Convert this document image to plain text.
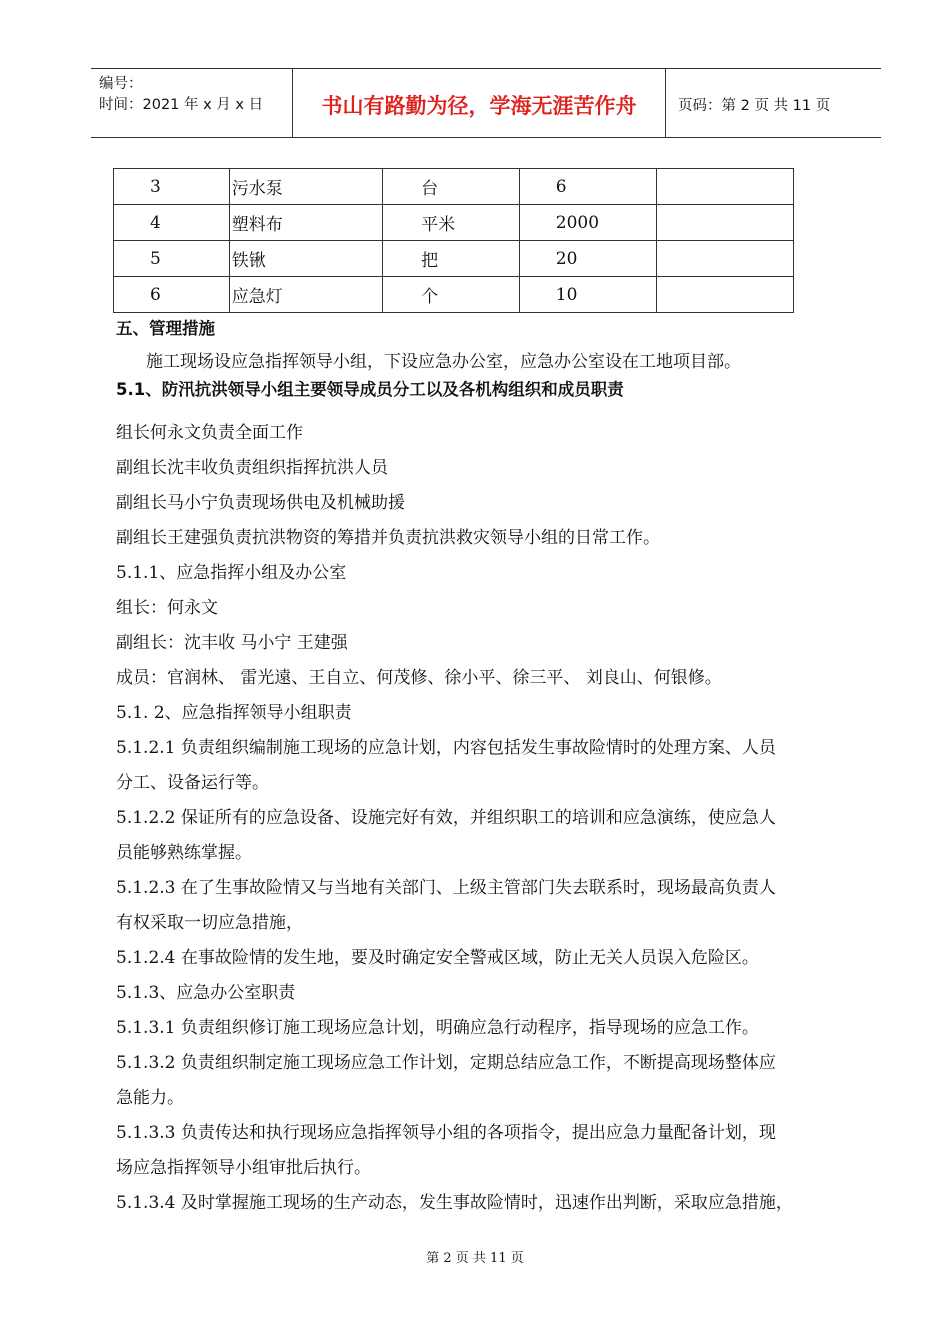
编号：
时间：2021 年 x 月 x 日	书山有路勤为径，学海无涯苦作舟	页码：第 2 页 共 11 页
3	污水泵	台	6	
4	塑料布	平米	2000	
5	铁锹	把	20	
6	应急灯	个	10	
五、管理措施
施工现场设应急指挥领导小组，下设应急办公室，应急办公室设在工地项目部。
5.1、防汛抗洪领导小组主要领导成员分工以及各机构组织和成员职责
组长何永文负责全面工作
副组长沈丰收负责组织指挥抗洪人员
副组长马小宁负责现场供电及机械助援
副组长王建强负责抗洪物资的筹措并负责抗洪救灾领导小组的日常工作。
5.1.1、应急指挥小组及办公室
组长：何永文
副组长：沈丰收 马小宁 王建强
成员：官润林、 雷光遠、王自立、何茂修、徐小平、徐三平、 刘良山、何银修。
5.1. 2、应急指挥领导小组职责
5.1.2.1 负责组织编制施工现场的应急计划，内容包括发生事故险情时的处理方案、人员
分工、设备运行等。
5.1.2.2 保证所有的应急设备、设施完好有效，并组织职工的培训和应急演练，使应急人
员能够熟练掌握。
5.1.2.3 在了生事故险情又与当地有关部门、上级主管部门失去联系时，现场最高负责人
有权采取一切应急措施，
5.1.2.4 在事故险情的发生地，要及时确定安全警戒区域，防止无关人员误入危险区。
5.1.3、应急办公室职责
5.1.3.1 负责组织修订施工现场应急计划，明确应急行动程序，指导现场的应急工作。
5.1.3.2 负责组织制定施工现场应急工作计划，定期总结应急工作，不断提高现场整体应
急能力。
5.1.3.3 负责传达和执行现场应急指挥领导小组的各项指令，提出应急力量配备计划，现
场应急指挥领导小组审批后执行。
5.1.3.4 及时掌握施工现场的生产动态，发生事故险情时，迅速作出判断，采取应急措施，
第 2 页 共 11 页
